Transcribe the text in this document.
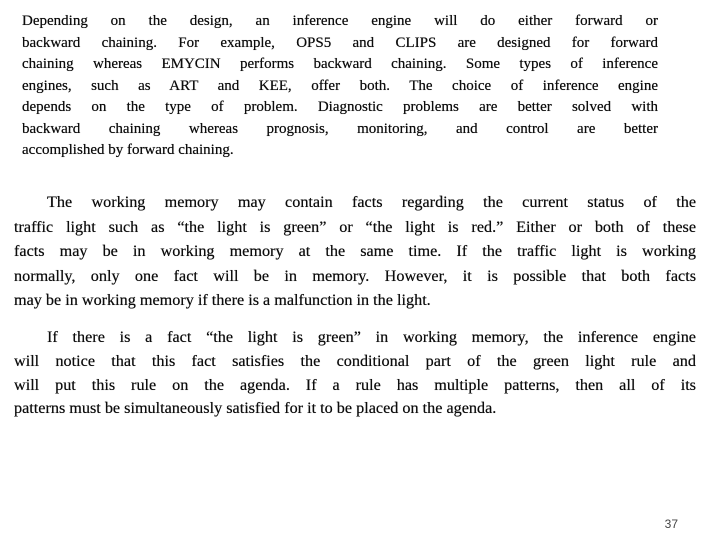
Depending on the design, an inference engine will do either forward or
backward chaining. For example, OPS5 and CLIPS are designed for forward
chaining whereas EMYCIN performs backward chaining. Some types of inference
engines, such as ART and KEE, offer both. The choice of inference engine
depends on the type of problem. Diagnostic problems are better solved with
backward chaining whereas prognosis, monitoring, and control are better
accomplished by forward chaining.
The working memory may contain facts regarding the current status of the
traffic light such as “the light is green” or “the light is red.” Either or both of these
facts may be in working memory at the same time. If the traffic light is working
normally, only one fact will be in memory. However, it is possible that both facts
may be in working memory if there is a malfunction in the light.
If there is a fact “the light is green” in working memory, the inference engine
will notice that this fact satisfies the conditional part of the green light rule and
will put this rule on the agenda. If a rule has multiple patterns, then all of its
patterns must be simultaneously satisfied for it to be placed on the agenda.
37
